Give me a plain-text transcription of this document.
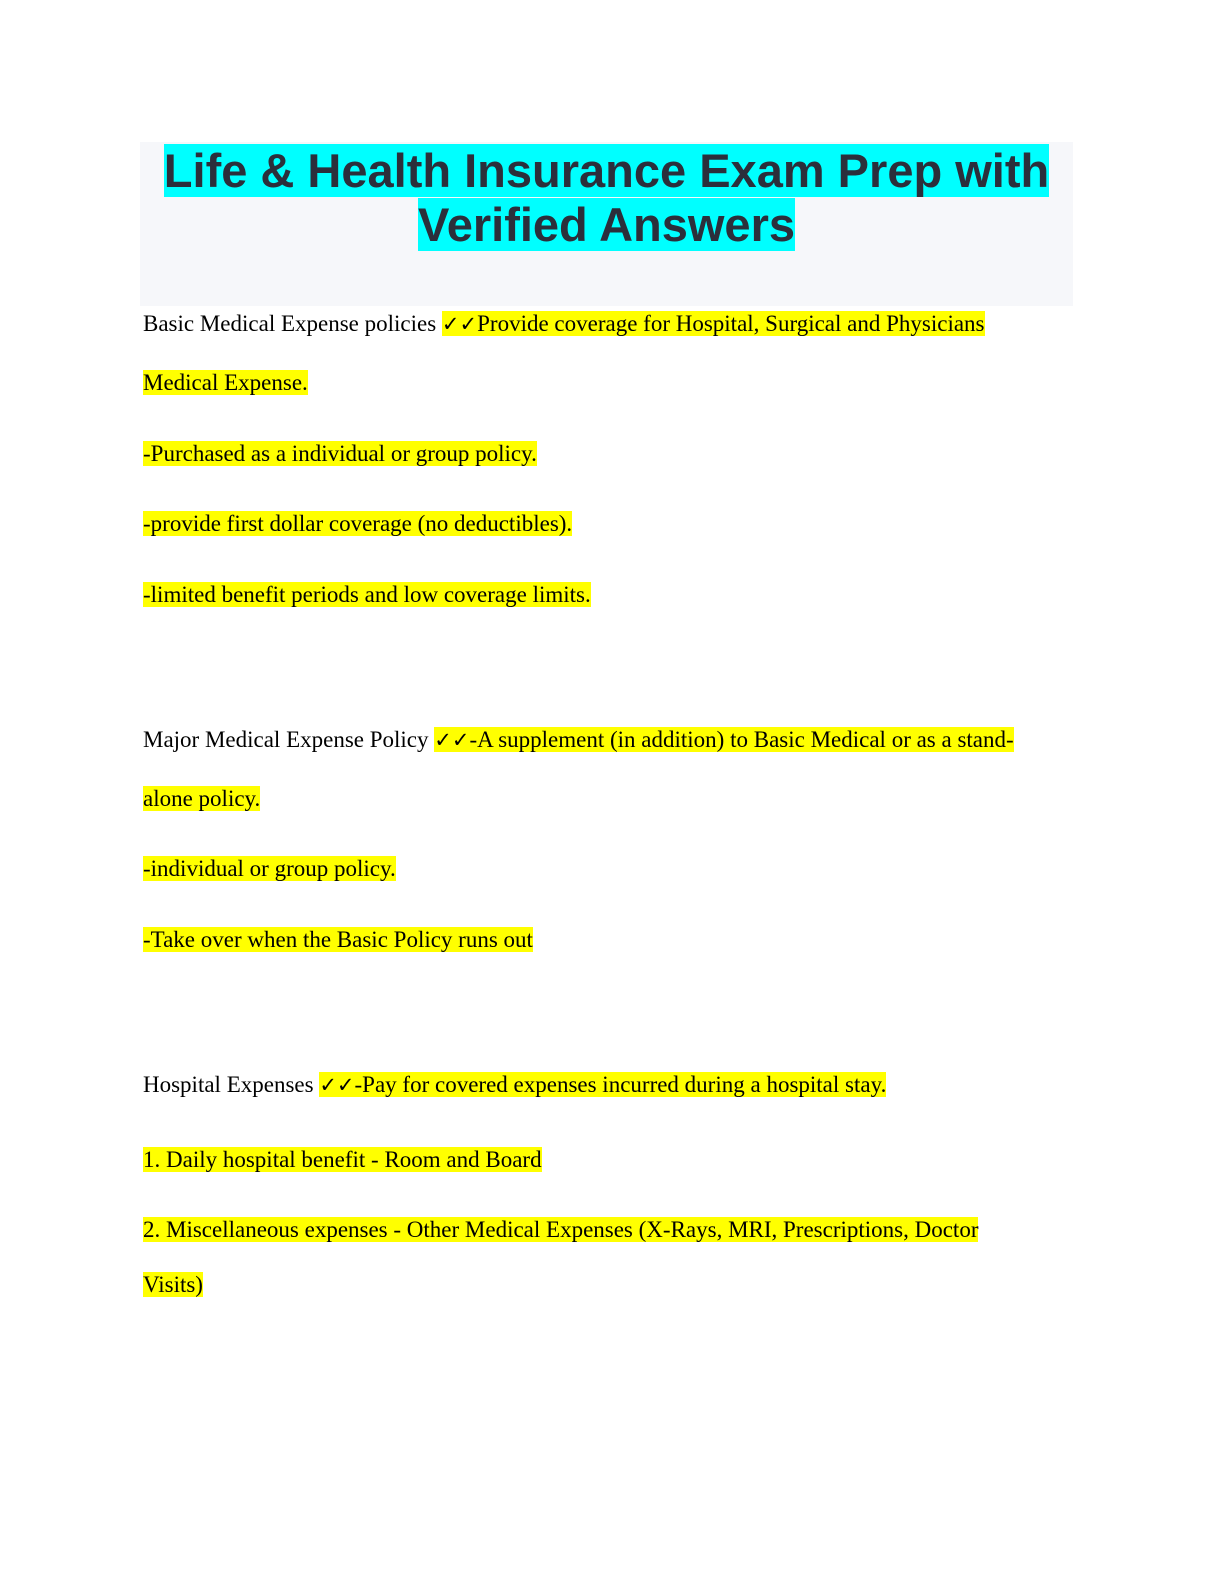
Life & Health Insurance Exam Prep with
Verified Answers
Basic Medical Expense policies ✓✓Provide coverage for Hospital, Surgical and Physicians
Medical Expense.
-Purchased as a individual or group policy.
-provide first dollar coverage (no deductibles).
-limited benefit periods and low coverage limits.
Major Medical Expense Policy ✓✓-A supplement (in addition) to Basic Medical or as a stand-
alone policy.
-individual or group policy.
-Take over when the Basic Policy runs out
Hospital Expenses ✓✓-Pay for covered expenses incurred during a hospital stay.
1. Daily hospital benefit - Room and Board
2. Miscellaneous expenses - Other Medical Expenses (X-Rays, MRI, Prescriptions, Doctor
Visits)
